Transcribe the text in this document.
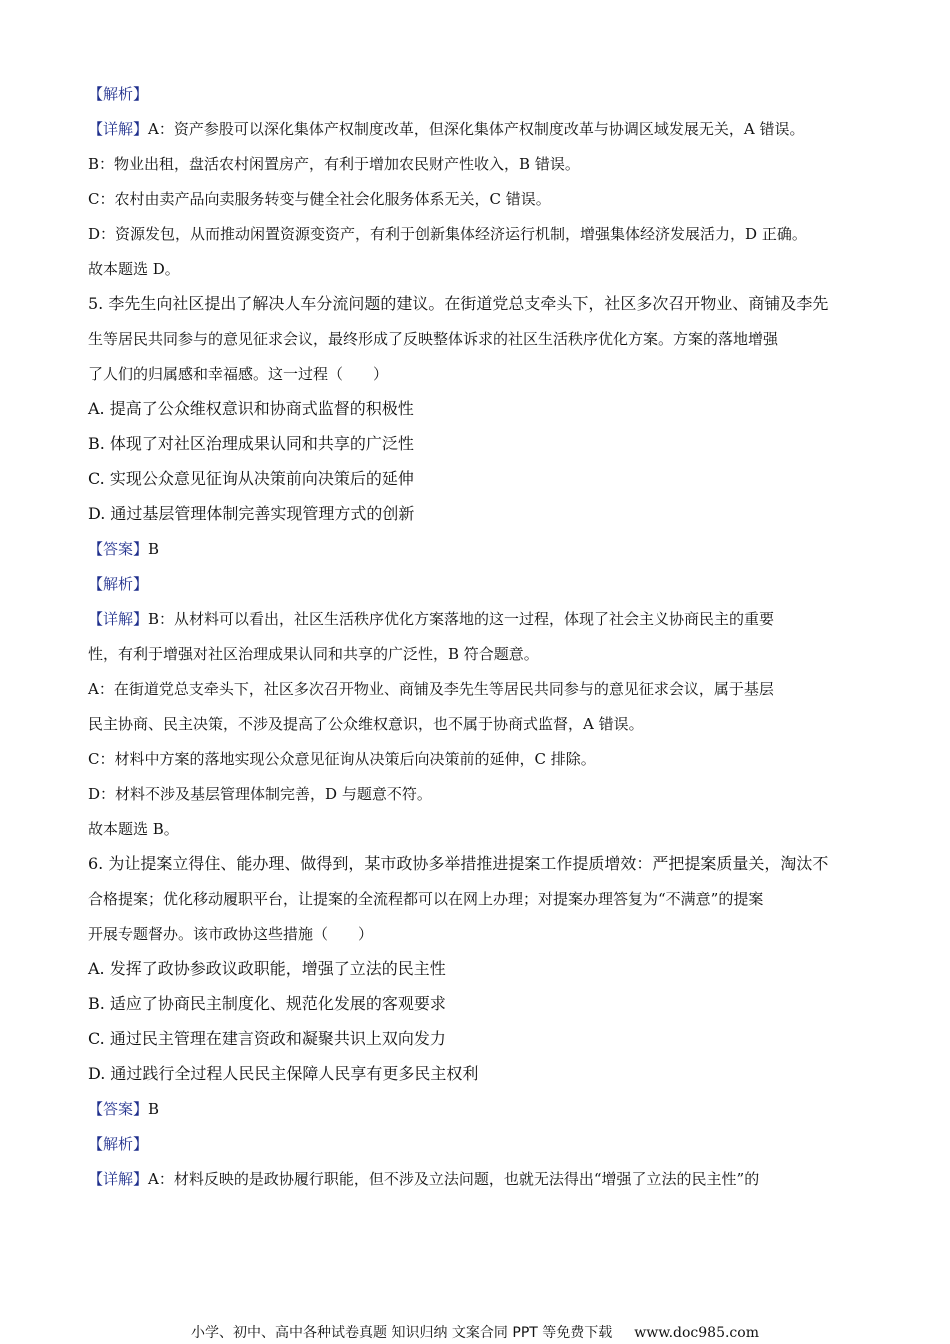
【解析】
【详解】A：资产参股可以深化集体产权制度改革，但深化集体产权制度改革与协调区域发展无关，A 错误。
B：物业出租，盘活农村闲置房产，有利于增加农民财产性收入，B 错误。
C：农村由卖产品向卖服务转变与健全社会化服务体系无关，C 错误。
D：资源发包，从而推动闲置资源变资产，有利于创新集体经济运行机制，增强集体经济发展活力，D 正确。
故本题选 D。
5. 李先生向社区提出了解决人车分流问题的建议。在街道党总支牵头下，社区多次召开物业、商铺及李先
生等居民共同参与的意见征求会议，最终形成了反映整体诉求的社区生活秩序优化方案。方案的落地增强
了人们的归属感和幸福感。这一过程（　　）
A. 提高了公众维权意识和协商式监督的积极性
B. 体现了对社区治理成果认同和共享的广泛性
C. 实现公众意见征询从决策前向决策后的延伸
D. 通过基层管理体制完善实现管理方式的创新
【答案】B
【解析】
【详解】B：从材料可以看出，社区生活秩序优化方案落地的这一过程，体现了社会主义协商民主的重要
性，有利于增强对社区治理成果认同和共享的广泛性，B 符合题意。
A：在街道党总支牵头下，社区多次召开物业、商铺及李先生等居民共同参与的意见征求会议，属于基层
民主协商、民主决策，不涉及提高了公众维权意识，也不属于协商式监督，A 错误。
C：材料中方案的落地实现公众意见征询从决策后向决策前的延伸，C 排除。
D：材料不涉及基层管理体制完善，D 与题意不符。
故本题选 B。
6. 为让提案立得住、能办理、做得到，某市政协多举措推进提案工作提质增效：严把提案质量关，淘汰不
合格提案；优化移动履职平台，让提案的全流程都可以在网上办理；对提案办理答复为“不满意”的提案
开展专题督办。该市政协这些措施（　　）
A. 发挥了政协参政议政职能，增强了立法的民主性
B. 适应了协商民主制度化、规范化发展的客观要求
C. 通过民主管理在建言资政和凝聚共识上双向发力
D. 通过践行全过程人民民主保障人民享有更多民主权利
【答案】B
【解析】
【详解】A：材料反映的是政协履行职能，但不涉及立法问题，也就无法得出“增强了立法的民主性”的
小学、初中、高中各种试卷真题 知识归纳 文案合同 PPT 等免费下载 www.doc985.com
